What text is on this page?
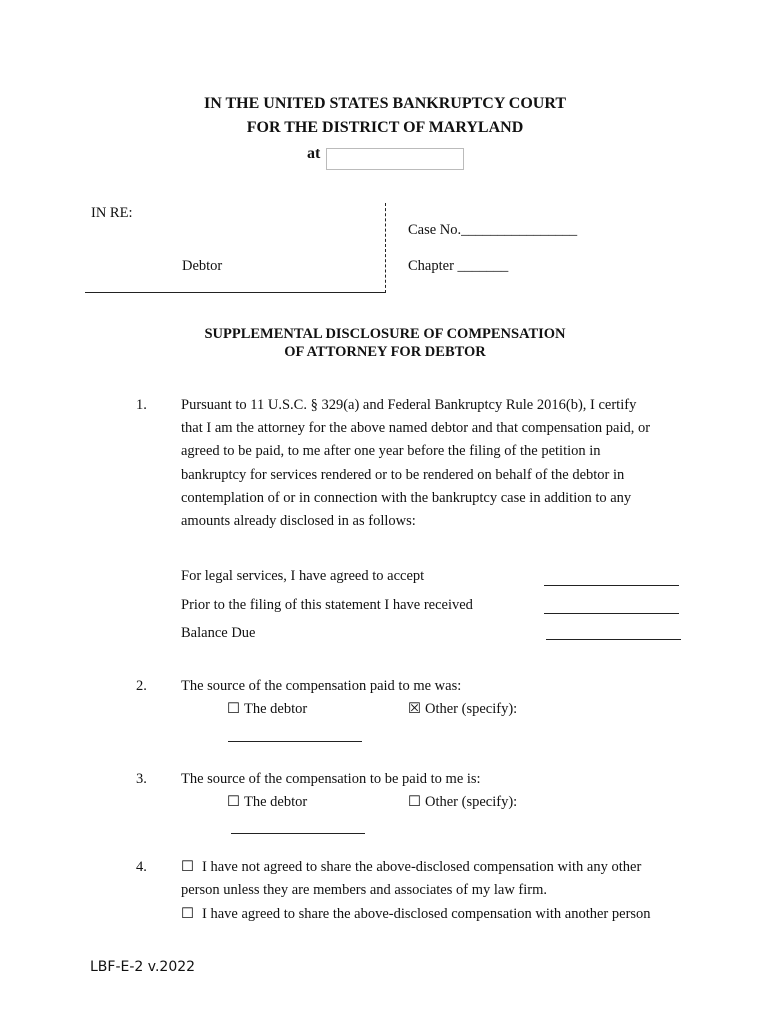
IN THE UNITED STATES BANKRUPTCY COURT
FOR THE DISTRICT OF MARYLAND
at
IN RE:
Debtor
Case No.________________
Chapter _______
SUPPLEMENTAL DISCLOSURE OF COMPENSATION
OF ATTORNEY FOR DEBTOR
1. Pursuant to 11 U.S.C. § 329(a) and Federal Bankruptcy Rule 2016(b), I certify
that I am the attorney for the above named debtor and that compensation paid, or
agreed to be paid, to me after one year before the filing of the petition in
bankruptcy for services rendered or to be rendered on behalf of the debtor in
contemplation of or in connection with the bankruptcy case in addition to any
amounts already disclosed in as follows:
For legal services, I have agreed to accept
Prior to the filing of this statement I have received
Balance Due
2. The source of the compensation paid to me was:
☐ The debtor	☒ Other (specify):
3. The source of the compensation to be paid to me is:
☐ The debtor	☐ Other (specify):
4. ☐ I have not agreed to share the above-disclosed compensation with any other
person unless they are members and associates of my law firm.
☐ I have agreed to share the above-disclosed compensation with another person
LBF-E-2 v.2022
